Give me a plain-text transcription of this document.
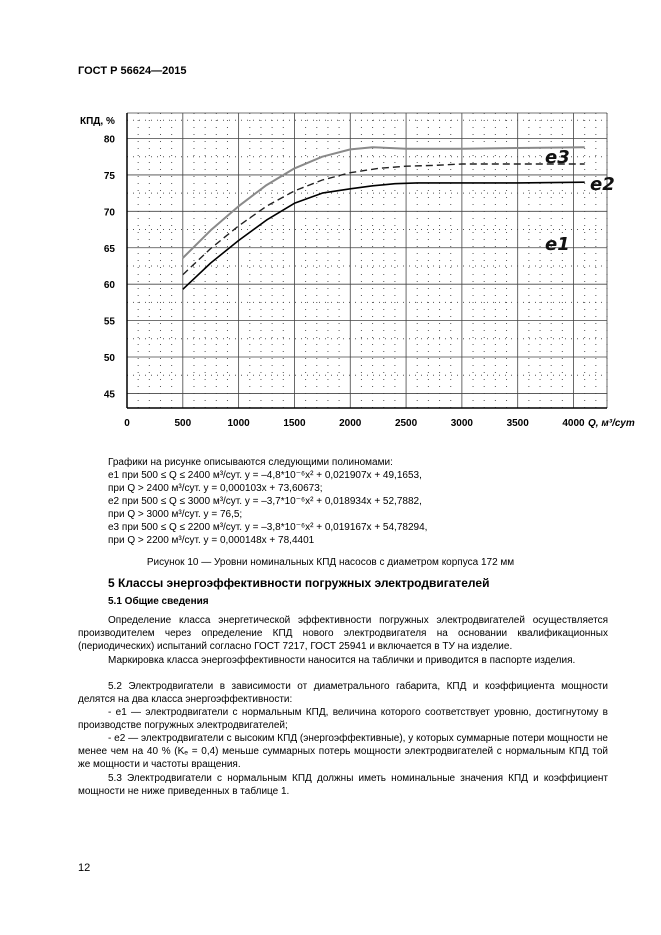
ГОСТ Р 56624—2015
0	500	1000	1500	2000	2500	3000	3500	4000
45
50
55
60
65
70
75
80
КПД, %
Q, м³/сут
е3
е2
е1
Графики на рисунке описываются следующими полиномами:
е1 при 500 ≤ Q ≤ 2400 м³/сут. y = –4,8*10⁻⁶x² + 0,021907x + 49,1653,
при Q > 2400 м³/сут. y = 0,000103x + 73,60673;
е2 при 500 ≤ Q ≤ 3000 м³/сут. y = –3,7*10⁻⁶x² + 0,018934x + 52,7882,
при Q > 3000 м³/сут. y = 76,5;
е3 при 500 ≤ Q ≤ 2200 м³/сут. y = –3,8*10⁻⁶x² + 0,019167x + 54,78294,
при Q > 2200 м³/сут. y = 0,000148x + 78,4401
Рисунок 10 — Уровни номинальных КПД насосов с диаметром корпуса 172 мм
5 Классы энергоэффективности погружных электродвигателей
5.1 Общие сведения
Определение класса энергетической эффективности погружных электродвигателей осуществляется производителем через определение КПД нового электродвигателя на основании квалификационных (периодических) испытаний согласно ГОСТ 7217, ГОСТ 25941 и включается в ТУ на изделие.
Маркировка класса энергоэффективности наносится на таблички и приводится в паспорте изделия.
5.2 Электродвигатели в зависимости от диаметрального габарита, КПД и коэффициента мощности делятся на два класса энергоэффективности:
- е1 — электродвигатели с нормальным КПД, величина которого соответствует уровню, достигнутому в производстве погружных электродвигателей;
- е2 — электродвигатели с высоким КПД (энергоэффективные), у которых суммарные потери мощности не менее чем на 40 % (Kₑ = 0,4) меньше суммарных потерь мощности электродвигателей с нормальным КПД той же мощности и частоты вращения.
5.3 Электродвигатели с нормальным КПД должны иметь номинальные значения КПД и коэффициент мощности не ниже приведенных в таблице 1.
12
